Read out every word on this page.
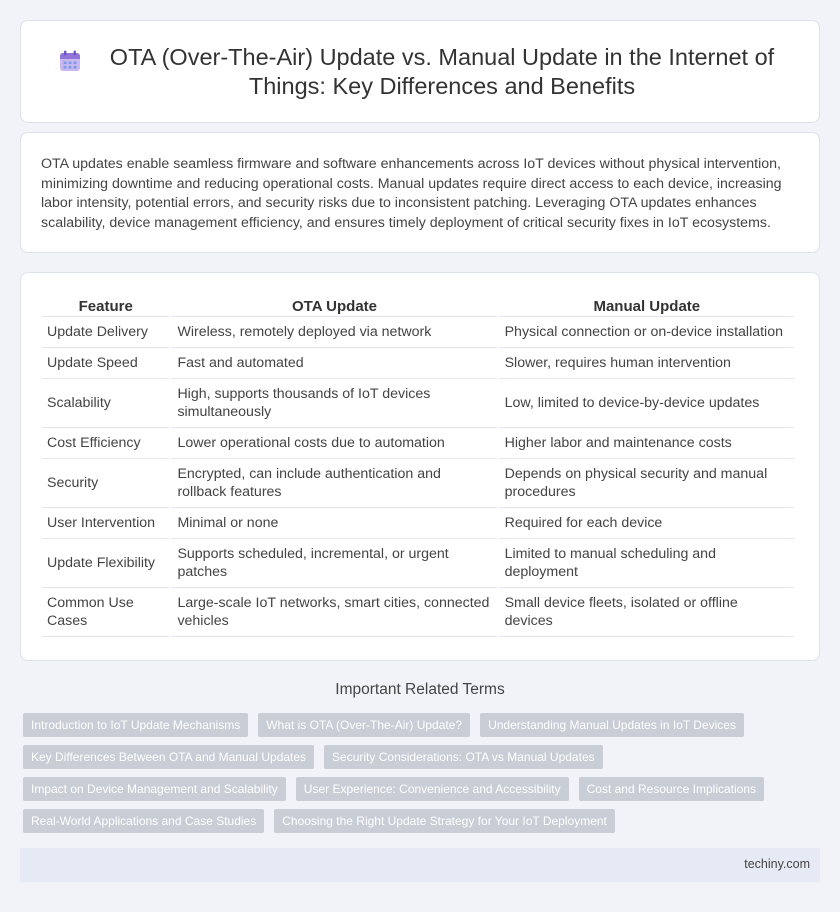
OTA (Over-The-Air) Update vs. Manual Update in the Internet of Things: Key Differences and Benefits

OTA updates enable seamless firmware and software enhancements across IoT devices without physical intervention, minimizing downtime and reducing operational costs. Manual updates require direct access to each device, increasing labor intensity, potential errors, and security risks due to inconsistent patching. Leveraging OTA updates enhances scalability, device management efficiency, and ensures timely deployment of critical security fixes in IoT ecosystems.

Feature	OTA Update	Manual Update
Update Delivery	Wireless, remotely deployed via network	Physical connection or on-device installation
Update Speed	Fast and automated	Slower, requires human intervention
Scalability	High, supports thousands of IoT devices simultaneously	Low, limited to device-by-device updates
Cost Efficiency	Lower operational costs due to automation	Higher labor and maintenance costs
Security	Encrypted, can include authentication and rollback features	Depends on physical security and manual procedures
User Intervention	Minimal or none	Required for each device
Update Flexibility	Supports scheduled, incremental, or urgent patches	Limited to manual scheduling and deployment
Common Use Cases	Large-scale IoT networks, smart cities, connected vehicles	Small device fleets, isolated or offline devices
Important Related Terms
Introduction to IoT Update Mechanisms	What is OTA (Over-The-Air) Update?	Understanding Manual Updates in IoT Devices
Key Differences Between OTA and Manual Updates	Security Considerations: OTA vs Manual Updates
Impact on Device Management and Scalability	User Experience: Convenience and Accessibility	Cost and Resource Implications
Real-World Applications and Case Studies	Choosing the Right Update Strategy for Your IoT Deployment
techiny.com
